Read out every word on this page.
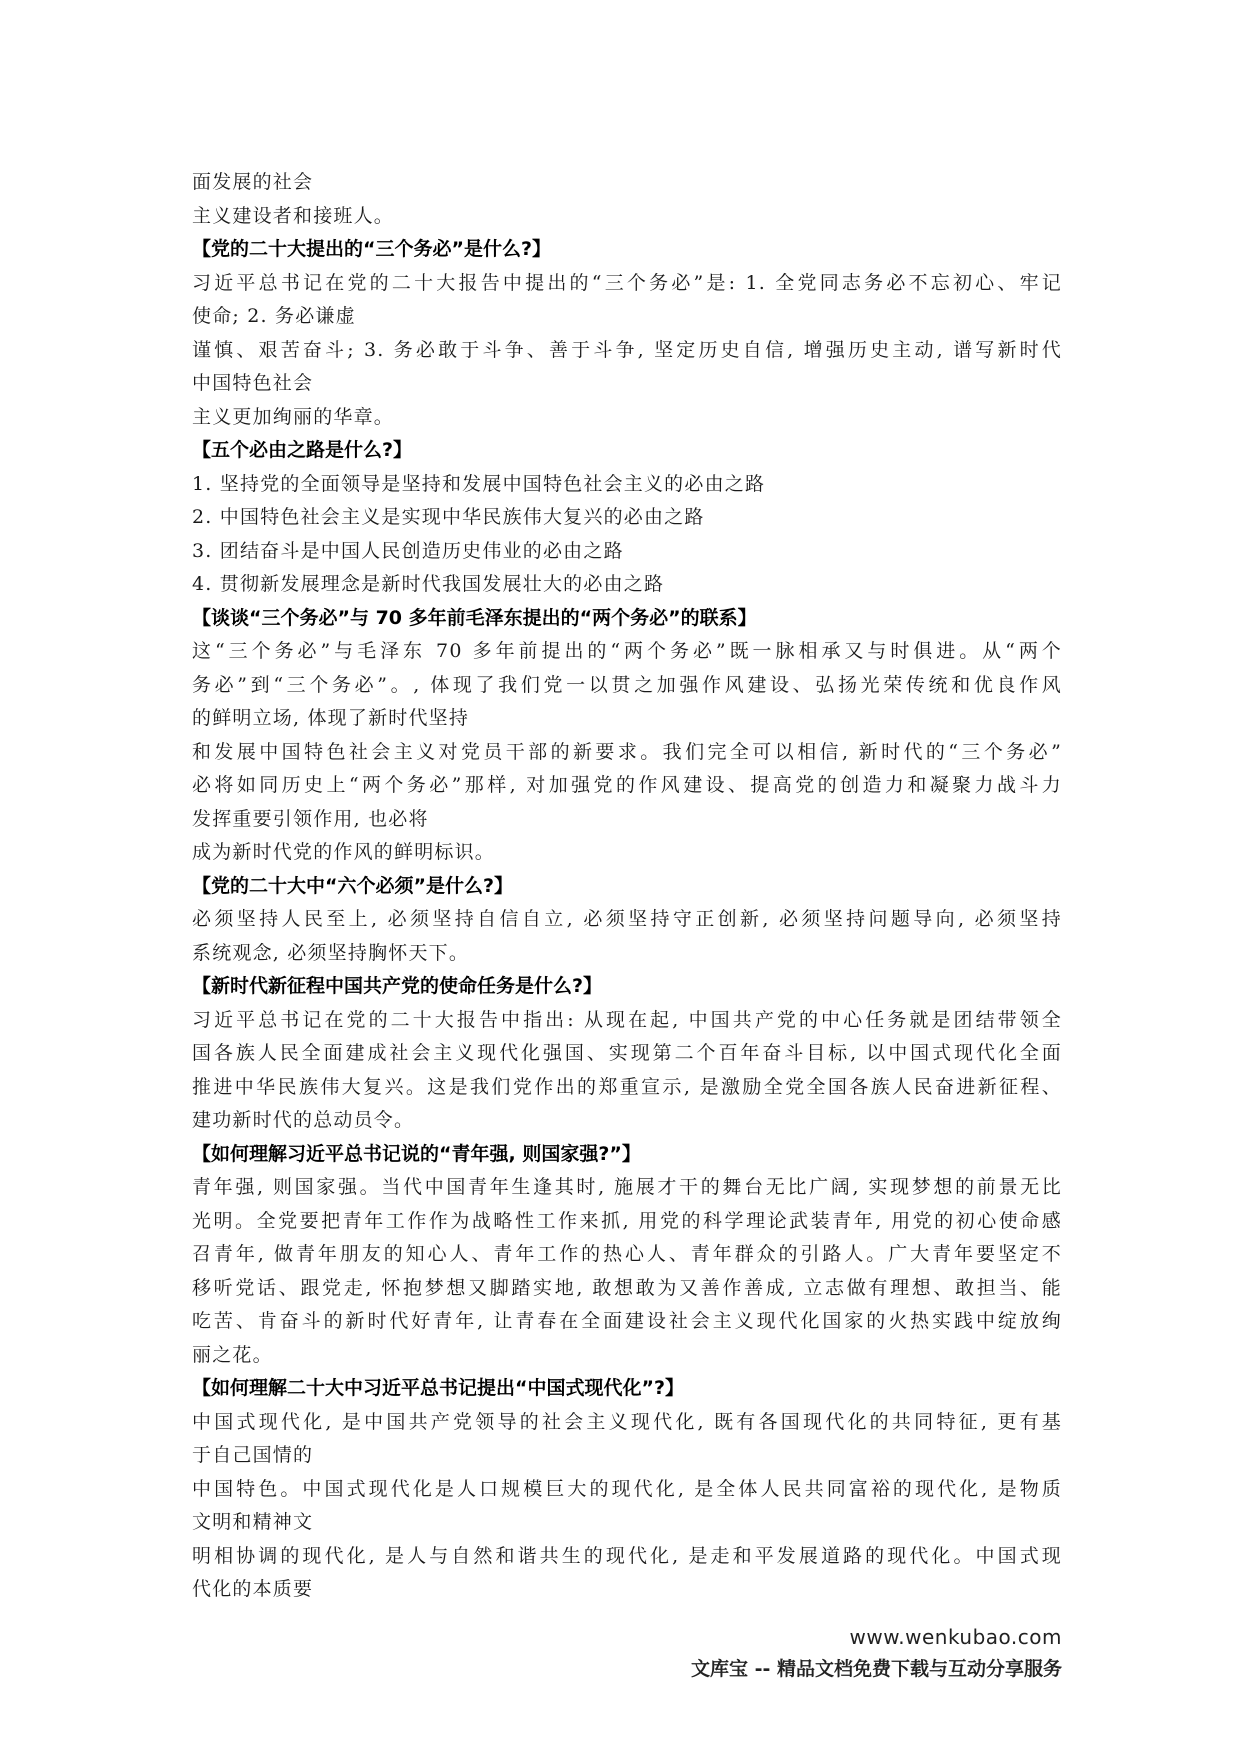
面发展的社会
主义建设者和接班人。
【党的二十大提出的“三个务必”是什么?】
习近平总书记在党的二十大报告中提出的“三个务必”是: 1. 全党同志务必不忘初心、牢记
使命; 2. 务必谦虚
谨慎、艰苦奋斗; 3. 务必敢于斗争、善于斗争, 坚定历史自信, 增强历史主动, 谱写新时代
中国特色社会
主义更加绚丽的华章。
【五个必由之路是什么?】
1. 坚持党的全面领导是坚持和发展中国特色社会主义的必由之路
2. 中国特色社会主义是实现中华民族伟大复兴的必由之路
3. 团结奋斗是中国人民创造历史伟业的必由之路
4. 贯彻新发展理念是新时代我国发展壮大的必由之路
【谈谈“三个务必”与 70 多年前毛泽东提出的“两个务必”的联系】
这“三个务必”与毛泽东 70 多年前提出的“两个务必”既一脉相承又与时俱进。从“两个
务必”到“三个务必”。, 体现了我们党一以贯之加强作风建设、弘扬光荣传统和优良作风
的鲜明立场, 体现了新时代坚持
和发展中国特色社会主义对党员干部的新要求。我们完全可以相信, 新时代的“三个务必”
必将如同历史上“两个务必”那样, 对加强党的作风建设、提高党的创造力和凝聚力战斗力
发挥重要引领作用, 也必将
成为新时代党的作风的鲜明标识。
【党的二十大中“六个必须”是什么?】
必须坚持人民至上, 必须坚持自信自立, 必须坚持守正创新, 必须坚持问题导向, 必须坚持
系统观念, 必须坚持胸怀天下。
【新时代新征程中国共产党的使命任务是什么?】
习近平总书记在党的二十大报告中指出: 从现在起, 中国共产党的中心任务就是团结带领全
国各族人民全面建成社会主义现代化强国、实现第二个百年奋斗目标, 以中国式现代化全面
推进中华民族伟大复兴。这是我们党作出的郑重宣示, 是激励全党全国各族人民奋进新征程、
建功新时代的总动员令。
【如何理解习近平总书记说的“青年强, 则国家强?”】
青年强, 则国家强。当代中国青年生逢其时, 施展才干的舞台无比广阔, 实现梦想的前景无比
光明。全党要把青年工作作为战略性工作来抓, 用党的科学理论武装青年, 用党的初心使命感
召青年, 做青年朋友的知心人、青年工作的热心人、青年群众的引路人。广大青年要坚定不
移听党话、跟党走, 怀抱梦想又脚踏实地, 敢想敢为又善作善成, 立志做有理想、敢担当、能
吃苦、肯奋斗的新时代好青年, 让青春在全面建设社会主义现代化国家的火热实践中绽放绚
丽之花。
【如何理解二十大中习近平总书记提出“中国式现代化”?】
中国式现代化, 是中国共产党领导的社会主义现代化, 既有各国现代化的共同特征, 更有基
于自己国情的
中国特色。中国式现代化是人口规模巨大的现代化, 是全体人民共同富裕的现代化, 是物质
文明和精神文
明相协调的现代化, 是人与自然和谐共生的现代化, 是走和平发展道路的现代化。中国式现
代化的本质要
www.wenkubao.com
文库宝 -- 精品文档免费下载与互动分享服务
